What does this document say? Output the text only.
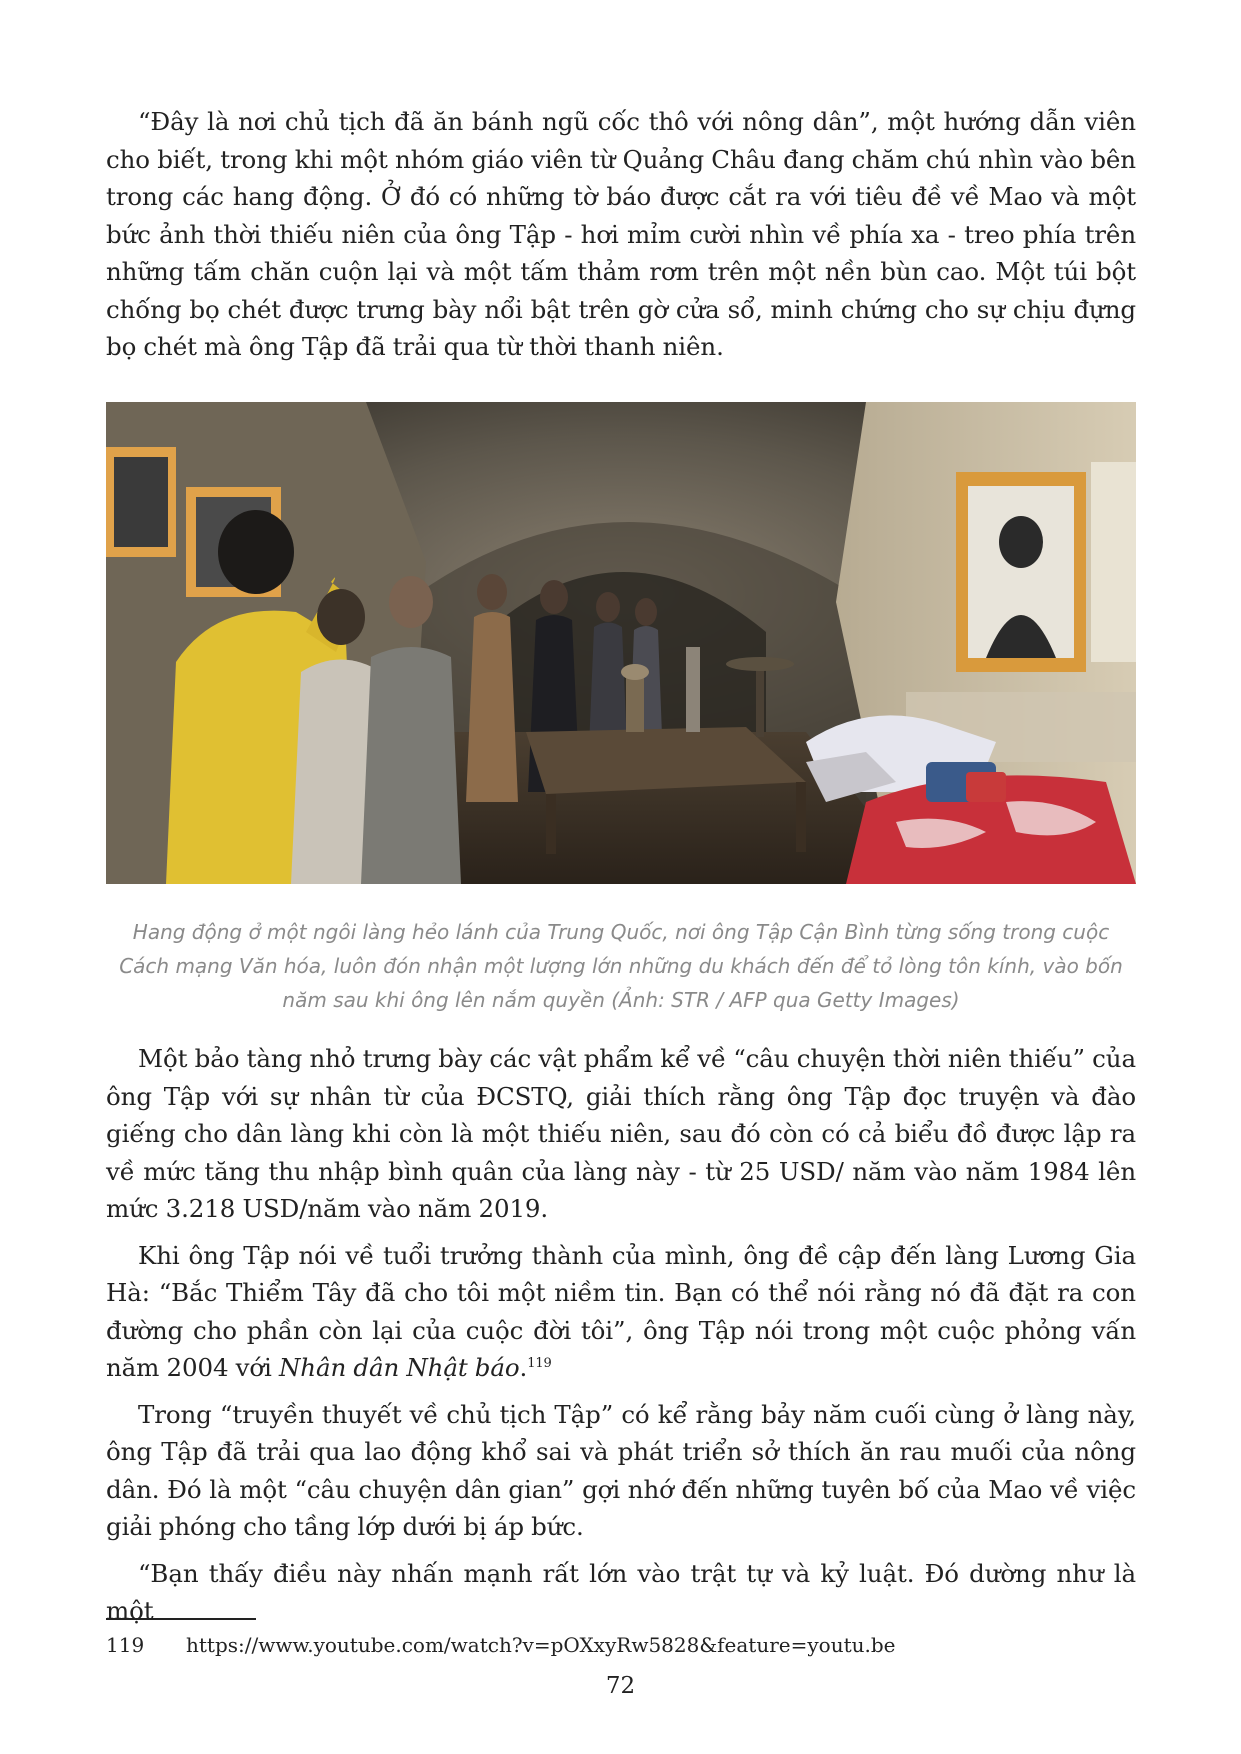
“Đây là nơi chủ tịch đã ăn bánh ngũ cốc thô với nông dân”, một hướng dẫn viên cho biết, trong khi một nhóm giáo viên từ Quảng Châu đang chăm chú nhìn vào bên trong các hang động. Ở đó có những tờ báo được cắt ra với tiêu đề về Mao và một bức ảnh thời thiếu niên của ông Tập - hơi mỉm cười nhìn về phía xa - treo phía trên những tấm chăn cuộn lại và một tấm thảm rơm trên một nền bùn cao. Một túi bột chống bọ chét được trưng bày nổi bật trên gờ cửa sổ, minh chứng cho sự chịu đựng bọ chét mà ông Tập đã trải qua từ thời thanh niên.

Hang động ở một ngôi làng hẻo lánh của Trung Quốc, nơi ông Tập Cận Bình từng sống trong cuộc Cách mạng Văn hóa, luôn đón nhận một lượng lớn những du khách đến để tỏ lòng tôn kính, vào bốn năm sau khi ông lên nắm quyền (Ảnh: STR / AFP qua Getty Images)

Một bảo tàng nhỏ trưng bày các vật phẩm kể về “câu chuyện thời niên thiếu” của ông Tập với sự nhân từ của ĐCSTQ, giải thích rằng ông Tập đọc truyện và đào giếng cho dân làng khi còn là một thiếu niên, sau đó còn có cả biểu đồ được lập ra về mức tăng thu nhập bình quân của làng này - từ 25 USD/ năm vào năm 1984 lên mức 3.218 USD/năm vào năm 2019.

Khi ông Tập nói về tuổi trưởng thành của mình, ông đề cập đến làng Lương Gia Hà: “Bắc Thiểm Tây đã cho tôi một niềm tin. Bạn có thể nói rằng nó đã đặt ra con đường cho phần còn lại của cuộc đời tôi”, ông Tập nói trong một cuộc phỏng vấn năm 2004 với Nhân dân Nhật báo.$^{119}$

Trong “truyền thuyết về chủ tịch Tập” có kể rằng bảy năm cuối cùng ở làng này, ông Tập đã trải qua lao động khổ sai và phát triển sở thích ăn rau muối của nông dân. Đó là một “câu chuyện dân gian” gợi nhớ đến những tuyên bố của Mao về việc giải phóng cho tầng lớp dưới bị áp bức.

“Bạn thấy điều này nhấn mạnh rất lớn vào trật tự và kỷ luật. Đó dường như là một

119 https://www.youtube.com/watch?v=pOXxyRw5828&feature=youtu.be
72
